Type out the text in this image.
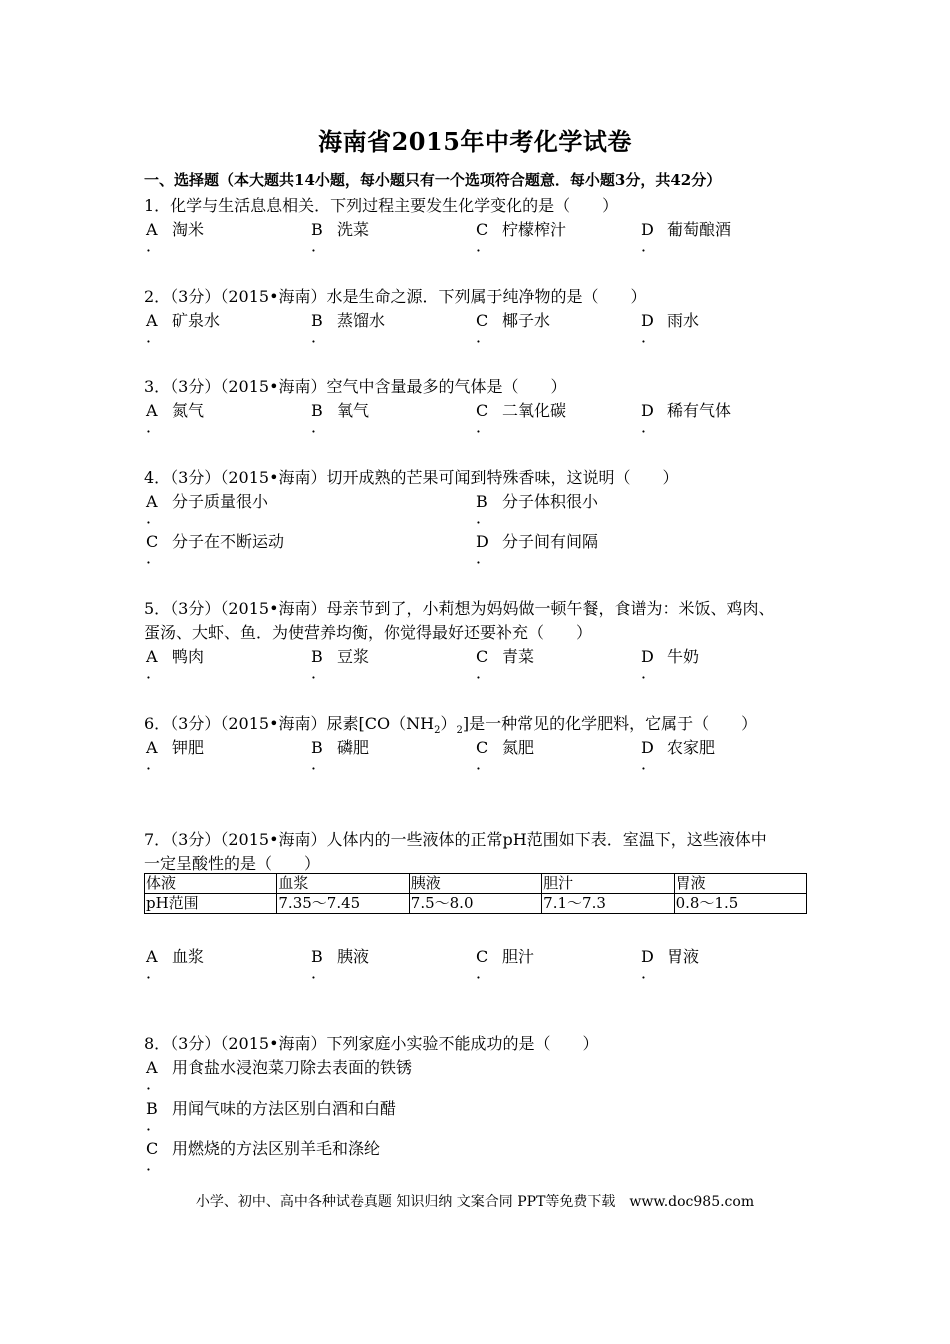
海南省2015年中考化学试卷
一、选择题（本大题共14小题，每小题只有一个选项符合题意．每小题3分，共42分）
1．化学与生活息息相关．下列过程主要发生化学变化的是（　　）
A 淘米	B 洗菜	C 柠檬榨汁	D 葡萄酿酒
．	．	．	．
2．（3分）（2015•海南）水是生命之源．下列属于纯净物的是（　　）
A 矿泉水	B 蒸馏水	C 椰子水	D 雨水
．	．	．	．
3．（3分）（2015•海南）空气中含量最多的气体是（　　）
A 氮气	B 氧气	C 二氧化碳	D 稀有气体
．	．	．	．
4．（3分）（2015•海南）切开成熟的芒果可闻到特殊香味，这说明（　　）
A 分子质量很小	B 分子体积很小
．	．
C 分子在不断运动	D 分子间有间隔
．	．
5．（3分）（2015•海南）母亲节到了，小莉想为妈妈做一顿午餐，食谱为：米饭、鸡肉、
蛋汤、大虾、鱼．为使营养均衡，你觉得最好还要补充（　　）
A 鸭肉	B 豆浆	C 青菜	D 牛奶
．	．	．	．
6．（3分）（2015•海南）尿素$[CO(NH_2)_2]$是一种常见的化学肥料，它属于（　　）
A 钾肥	B 磷肥	C 氮肥	D 农家肥
．	．	．	．
7．（3分）（2015•海南）人体内的一些液体的正常pH范围如下表．室温下，这些液体中
一定呈酸性的是（　　）
体液	血浆	胰液	胆汁	胃液
pH范围	7.35～7.45	7.5～8.0	7.1～7.3	0.8～1.5
A 血浆	B 胰液	C 胆汁	D 胃液
．	．	．	．
8．（3分）（2015•海南）下列家庭小实验不能成功的是（　　）
A 用食盐水浸泡菜刀除去表面的铁锈
．
B 用闻气味的方法区别白酒和白醋
．
C 用燃烧的方法区别羊毛和涤纶
．
小学、初中、高中各种试卷真题 知识归纳 文案合同 PPT等免费下载　www.doc985.com
